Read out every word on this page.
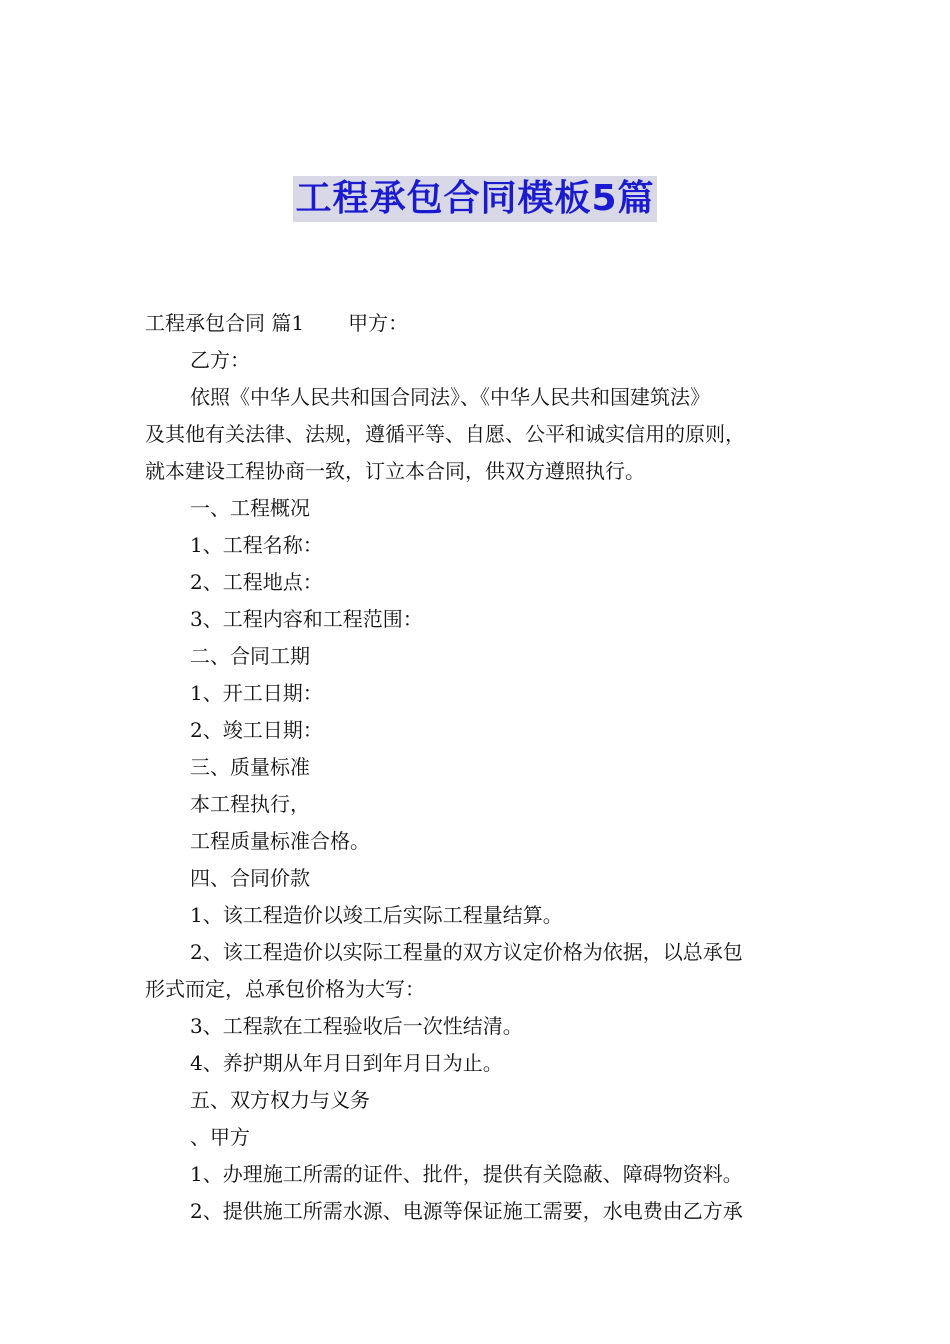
工程承包合同模板5篇
工程承包合同 篇1 甲方：
乙方：
依照《中华人民共和国合同法》、《中华人民共和国建筑法》
及其他有关法律、法规，遵循平等、自愿、公平和诚实信用的原则，
就本建设工程协商一致，订立本合同，供双方遵照执行。
一、工程概况
1、工程名称：
2、工程地点：
3、工程内容和工程范围：
二、合同工期
1、开工日期：
2、竣工日期：
三、质量标准
本工程执行，
工程质量标准合格。
四、合同价款
1、该工程造价以竣工后实际工程量结算。
2、该工程造价以实际工程量的双方议定价格为依据，以总承包
形式而定，总承包价格为大写：
3、工程款在工程验收后一次性结清。
4、养护期从年月日到年月日为止。
五、双方权力与义务
、甲方
1、办理施工所需的证件、批件，提供有关隐蔽、障碍物资料。
2、提供施工所需水源、电源等保证施工需要，水电费由乙方承
